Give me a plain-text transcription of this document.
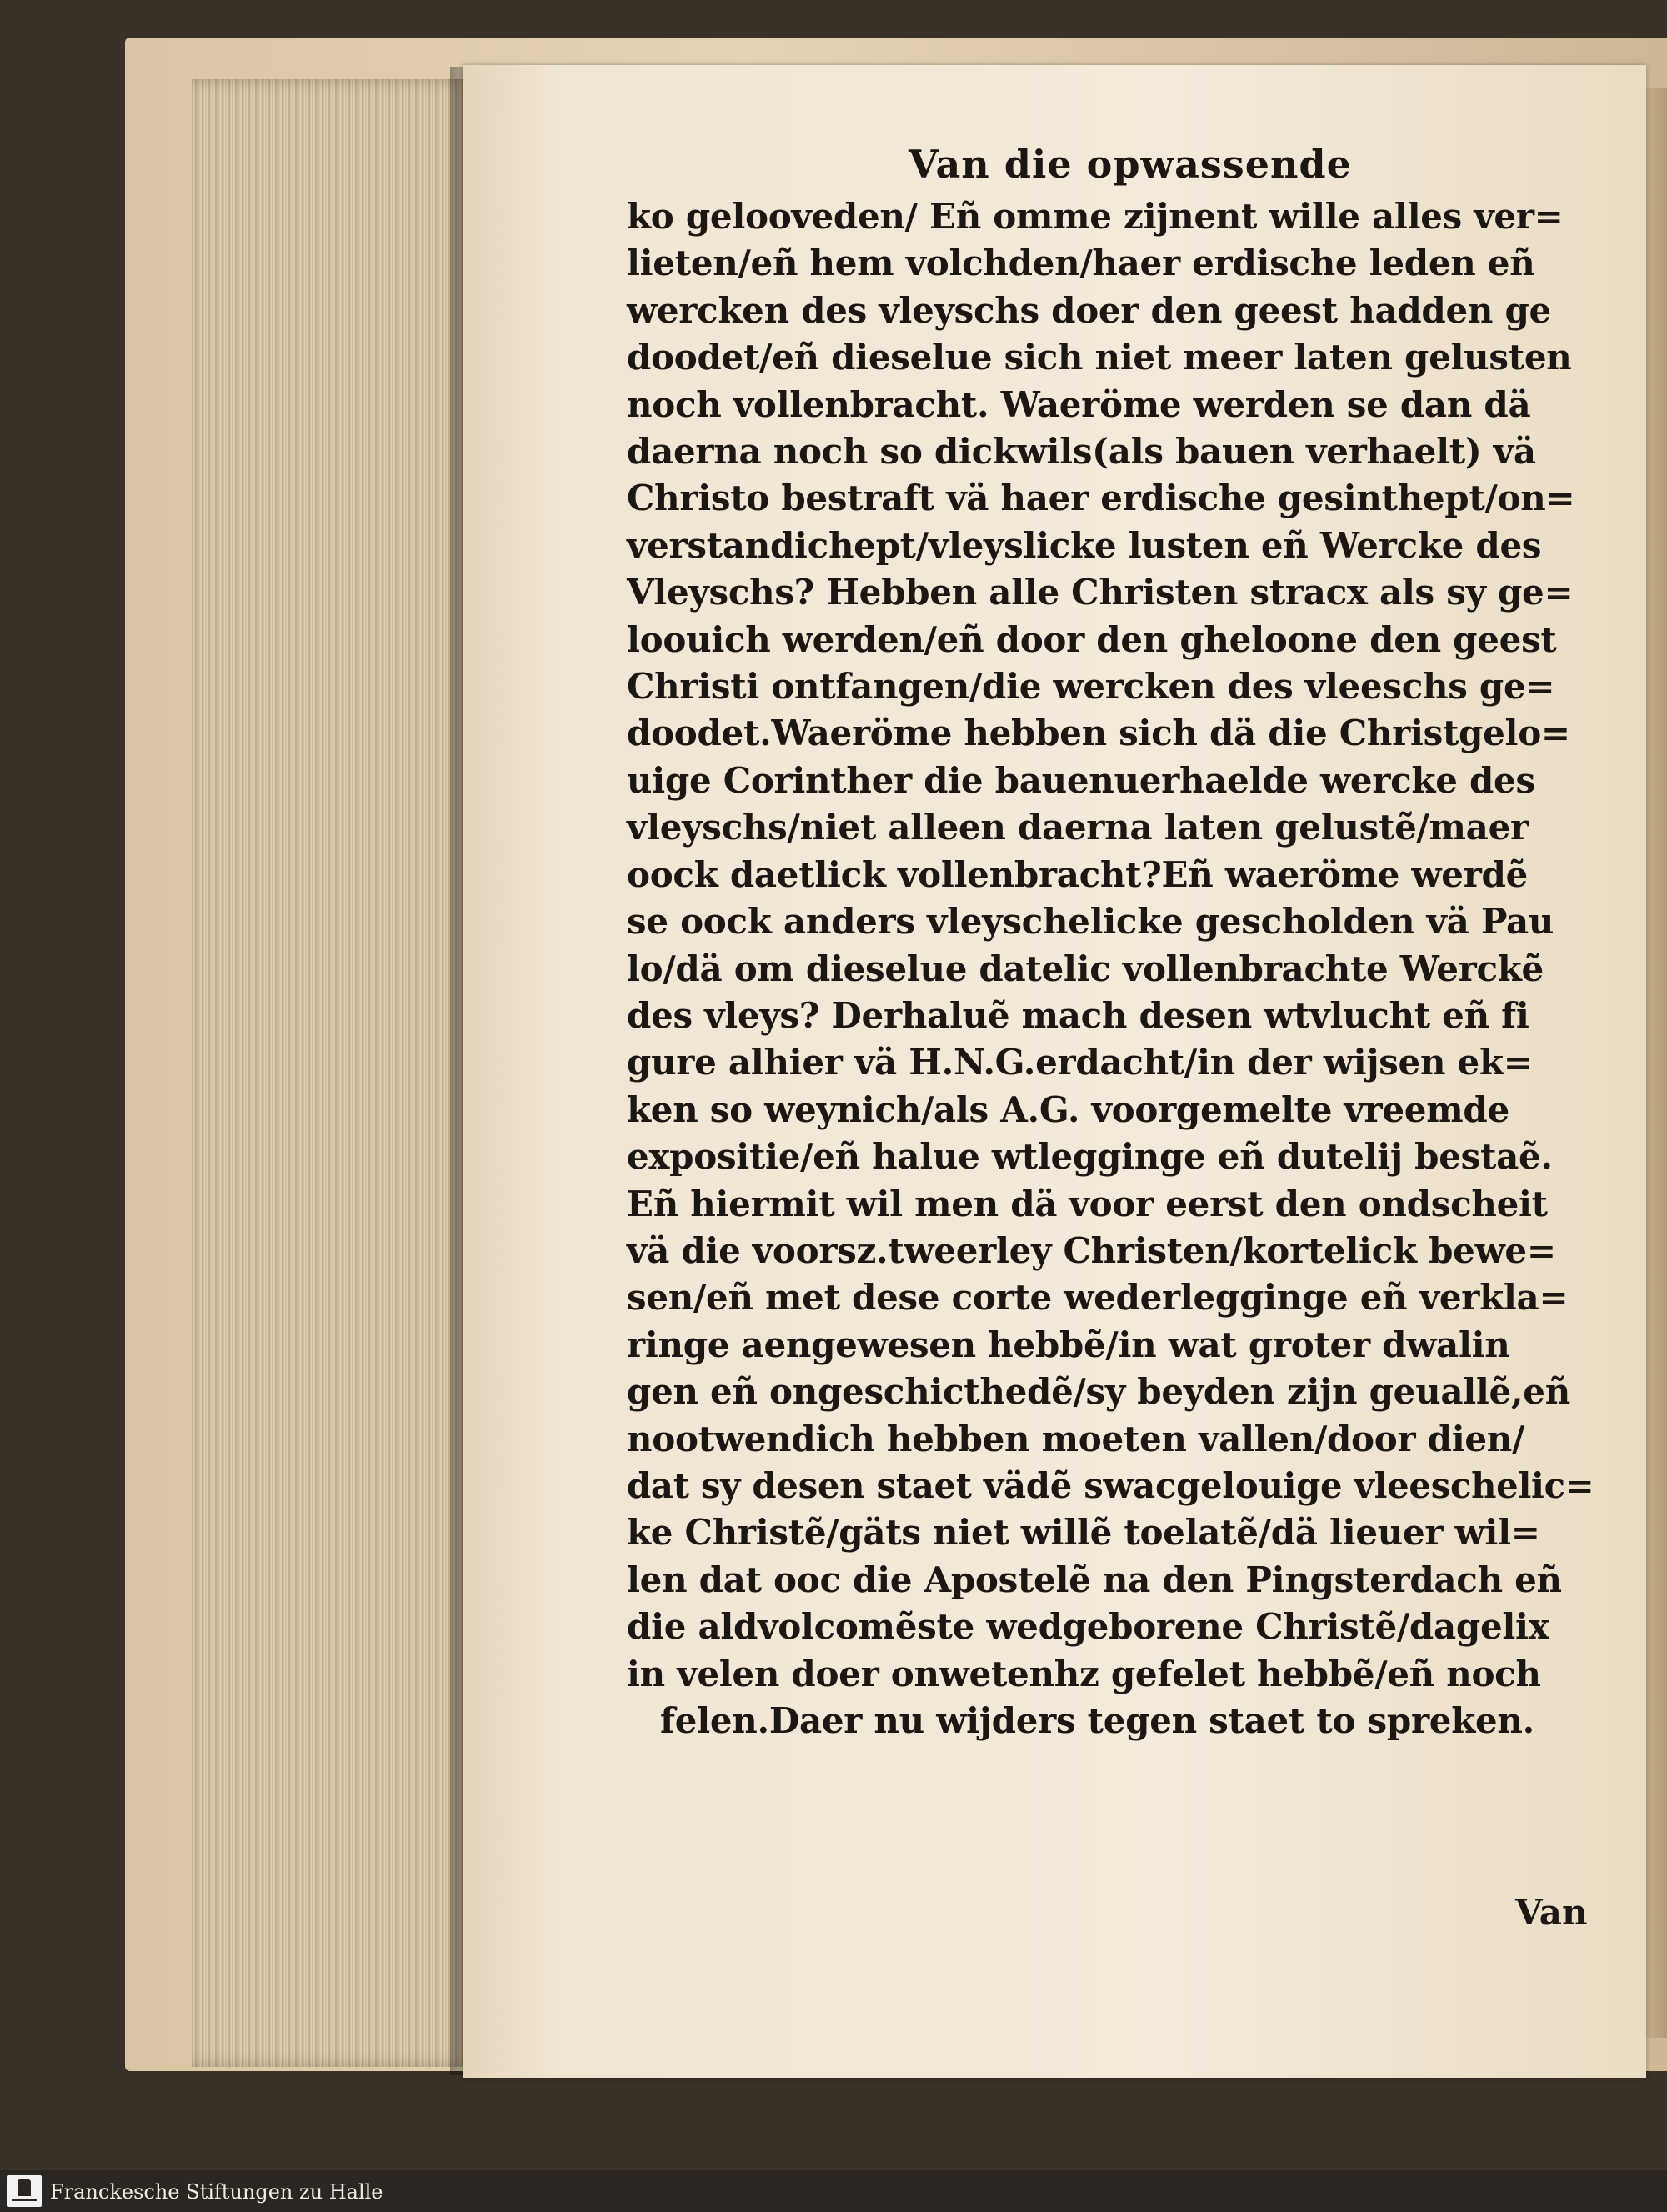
Van die opwassende
ko gelooveden/ Eñ omme zijnent wille alles ver=
lieten/eñ hem volchden/haer erdische leden eñ
wercken des vleyschs doer den geest hadden ge
doodet/eñ dieselue sich niet meer laten gelusten
noch vollenbracht. Waeröme werden se dan dä
daerna noch so dickwils(als bauen verhaelt) vä
Christo bestraft vä haer erdische gesinthept/on=
verstandichept/vleyslicke lusten eñ Wercke des
Vleyschs? Hebben alle Christen stracx als sy ge=
loouich werden/eñ door den gheloone den geest
Christi ontfangen/die wercken des vleeschs ge=
doodet.Waeröme hebben sich dä die Christgelo=
uige Corinther die bauenuerhaelde wercke des
vleyschs/niet alleen daerna laten gelustẽ/maer
oock daetlick vollenbracht?Eñ waeröme werdẽ
se oock anders vleyschelicke gescholden vä Pau
lo/dä om dieselue datelic vollenbrachte Werckẽ
des vleys? Derhaluẽ mach desen wtvlucht eñ fi
gure alhier vä H.N.G.erdacht/in der wijsen ek=
ken so weynich/als A.G. voorgemelte vreemde
expositie/eñ halue wtlegginge eñ dutelij bestaẽ.
Eñ hiermit wil men dä voor eerst den ondscheit
vä die voorsz.tweerley Christen/kortelick bewe=
sen/eñ met dese corte wederlegginge eñ verkla=
ringe aengewesen hebbẽ/in wat groter dwalin
gen eñ ongeschicthedẽ/sy beyden zijn geuallẽ,eñ
nootwendich hebben moeten vallen/door dien/
dat sy desen staet vädẽ swacgelouige vleeschelic=
ke Christẽ/gäts niet willẽ toelatẽ/dä lieuer wil=
len dat ooc die Apostelẽ na den Pingsterdach eñ
die aldvolcomẽste wedgeborene Christẽ/dagelix
in velen doer onwetenhz gefelet hebbẽ/eñ noch
felen.Daer nu wijders tegen staet to spreken.
Van
Franckesche Stiftungen zu Halle
